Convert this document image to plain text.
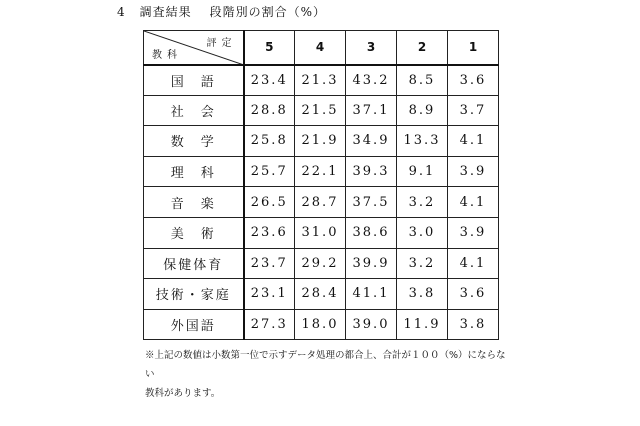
4 調査結果 段階別の割合（%）
評定
教科	5	4	3	2	1
国　語	23.4	21.3	43.2	8.5	3.6
社　会	28.8	21.5	37.1	8.9	3.7
数　学	25.8	21.9	34.9	13.3	4.1
理　科	25.7	22.1	39.3	9.1	3.9
音　楽	26.5	28.7	37.5	3.2	4.1
美　術	23.6	31.0	38.6	3.0	3.9
保健体育	23.7	29.2	39.9	3.2	4.1
技術・家庭	23.1	28.4	41.1	3.8	3.6
外国語	27.3	18.0	39.0	11.9	3.8
※上記の数値は小数第一位で示すデータ処理の都合上、合計が１００（%）にならない
教科があります。
